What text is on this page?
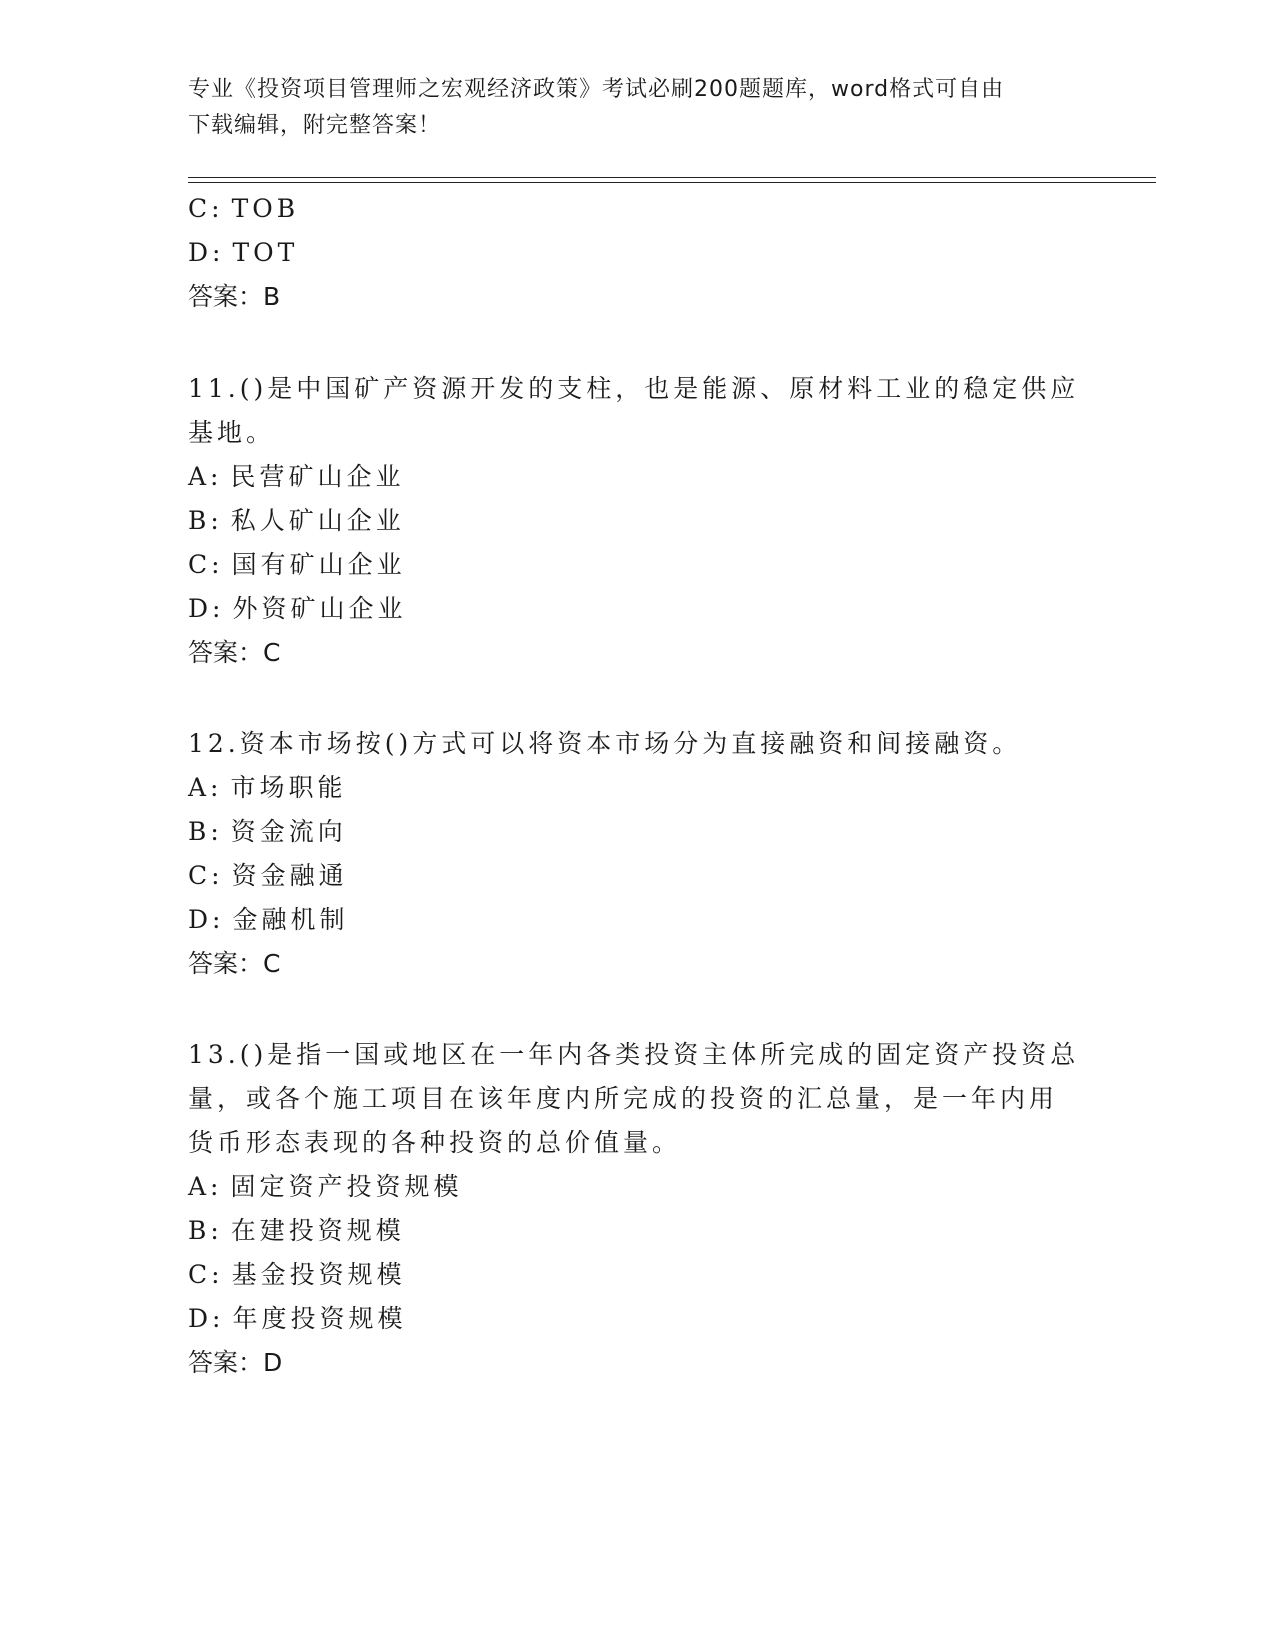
专业《投资项目管理师之宏观经济政策》考试必刷200题题库，word格式可自由
下载编辑，附完整答案！
C: TOB
D: TOT
答案：B
11.()是中国矿产资源开发的支柱，也是能源、原材料工业的稳定供应
基地。
A: 民营矿山企业
B: 私人矿山企业
C: 国有矿山企业
D: 外资矿山企业
答案：C
12.资本市场按()方式可以将资本市场分为直接融资和间接融资。
A: 市场职能
B: 资金流向
C: 资金融通
D: 金融机制
答案：C
13.()是指一国或地区在一年内各类投资主体所完成的固定资产投资总
量，或各个施工项目在该年度内所完成的投资的汇总量，是一年内用
货币形态表现的各种投资的总价值量。
A: 固定资产投资规模
B: 在建投资规模
C: 基金投资规模
D: 年度投资规模
答案：D
